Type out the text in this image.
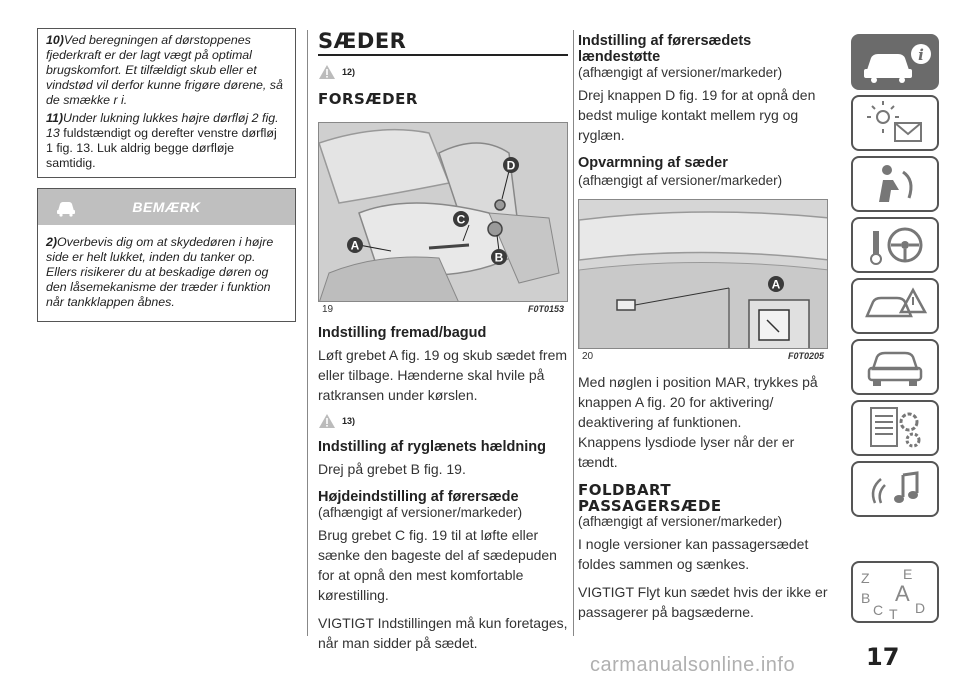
10)Ved beregningen af dørstoppenes fjederkraft er der lagt vægt på optimal brugskomfort. Et tilfældigt skub eller et vindstød vil derfor kunne frigøre dørene, så de smække r i.

11)Under lukning lukkes højre dørfløj 2 fig. 13 fuldstændigt og derefter venstre dørfløj 1 fig. 13. Luk aldrig begge dørfløje samtidig.

BEMÆRK
2)Overbevis dig om at skydedøren i højre side er helt lukket, inden du tanker op. Ellers risikerer du at beskadige døren og den låsemekanisme der træder i funktion når tankklappen åbnes.
SÆDER
12)
FORSÆDER
A
B
C
D
19	F0T0153
Indstilling fremad/bagud
Løft grebet A fig. 19 og skub sædet frem eller tilbage. Hænderne skal hvile på ratkransen under kørslen.
13)
Indstilling af ryglænets hældning
Drej på grebet B fig. 19.
Højdeindstilling af førersæde
(afhængigt af versioner/markeder)
Brug grebet C fig. 19 til at løfte eller sænke den bageste del af sædepuden for at opnå den mest komfortable kørestilling.
VIGTIGT Indstillingen må kun foretages, når man sidder på sædet.
Indstilling af førersædets lændestøtte
(afhængigt af versioner/markeder)
Drej knappen D fig. 19 for at opnå den bedst mulige kontakt mellem ryg og ryglæn.
Opvarmning af sæder
(afhængigt af versioner/markeder)
A
20	F0T0205
Med nøglen i position MAR, trykkes på knappen A fig. 20 for aktivering/ deaktivering af funktionen.
Knappens lysdiode lyser når der er tændt.
FOLDBART PASSAGERSÆDE
(afhængigt af versioner/markeder)
I nogle versioner kan passagersædet foldes sammen og sænkes.
VIGTIGT Flyt kun sædet hvis der ikke er passagerer på bagsæderne.
i
Z E
B A
C T D
17
carmanualsonline.info
